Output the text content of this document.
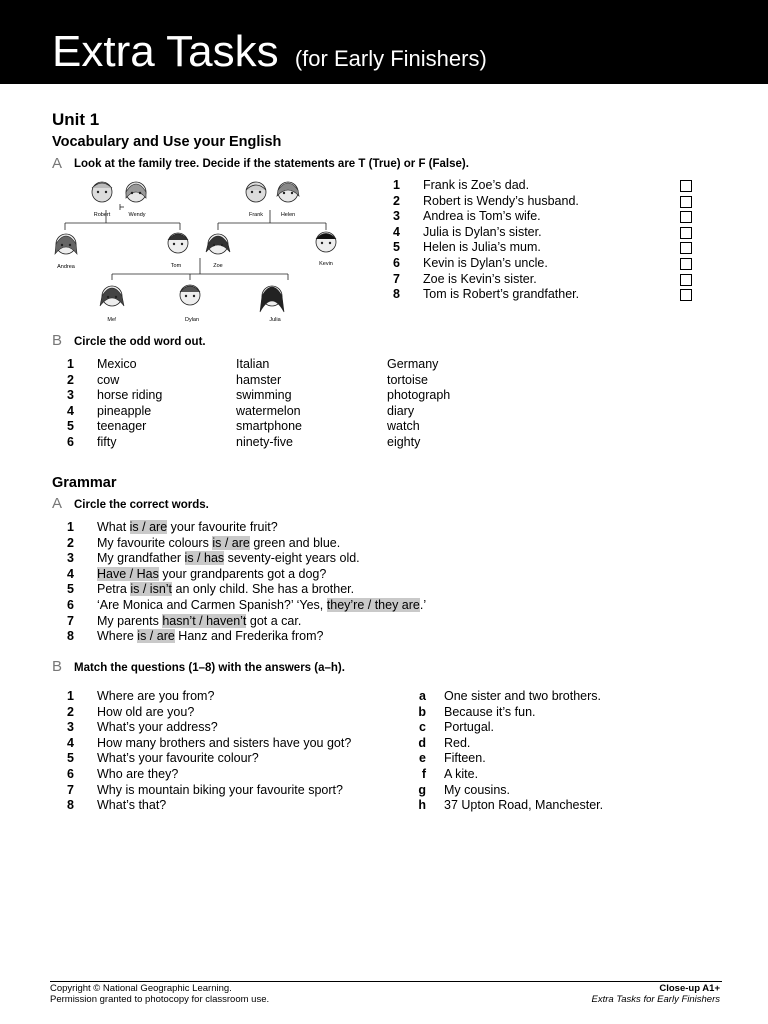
Extra Tasks (for Early Finishers)
Unit 1
Vocabulary and Use your English
A Look at the family tree. Decide if the statements are T (True) or F (False).
Robert	Wendy	Frank	Helen
Andrea	Tom	Zoe	Kevin
Me!	Dylan	Julia
1 Frank is Zoe’s dad.
2 Robert is Wendy’s husband.
3 Andrea is Tom’s wife.
4 Julia is Dylan’s sister.
5 Helen is Julia’s mum.
6 Kevin is Dylan’s uncle.
7 Zoe is Kevin’s sister.
8 Tom is Robert’s grandfather.
B Circle the odd word out.
1 Mexico	Italian	Germany
2 cow	hamster	tortoise
3 horse riding	swimming	photograph
4 pineapple	watermelon	diary
5 teenager	smartphone	watch
6 fifty	ninety-five	eighty
Grammar
A Circle the correct words.
1 What is / are your favourite fruit?
2 My favourite colours is / are green and blue.
3 My grandfather is / has seventy-eight years old.
4 Have / Has your grandparents got a dog?
5 Petra is / isn’t an only child. She has a brother.
6 ‘Are Monica and Carmen Spanish?’ ‘Yes, they’re / they are.’
7 My parents hasn’t / haven’t got a car.
8 Where is / are Hanz and Frederika from?
B Match the questions (1–8) with the answers (a–h).
1 Where are you from?
2 How old are you?
3 What’s your address?
4 How many brothers and sisters have you got?
5 What’s your favourite colour?
6 Who are they?
7 Why is mountain biking your favourite sport?
8 What’s that?
a One sister and two brothers.
b Because it’s fun.
c Portugal.
d Red.
e Fifteen.
f A kite.
g My cousins.
h 37 Upton Road, Manchester.
Copyright © National Geographic Learning.
Permission granted to photocopy for classroom use.
Close-up A1+
Extra Tasks for Early Finishers
